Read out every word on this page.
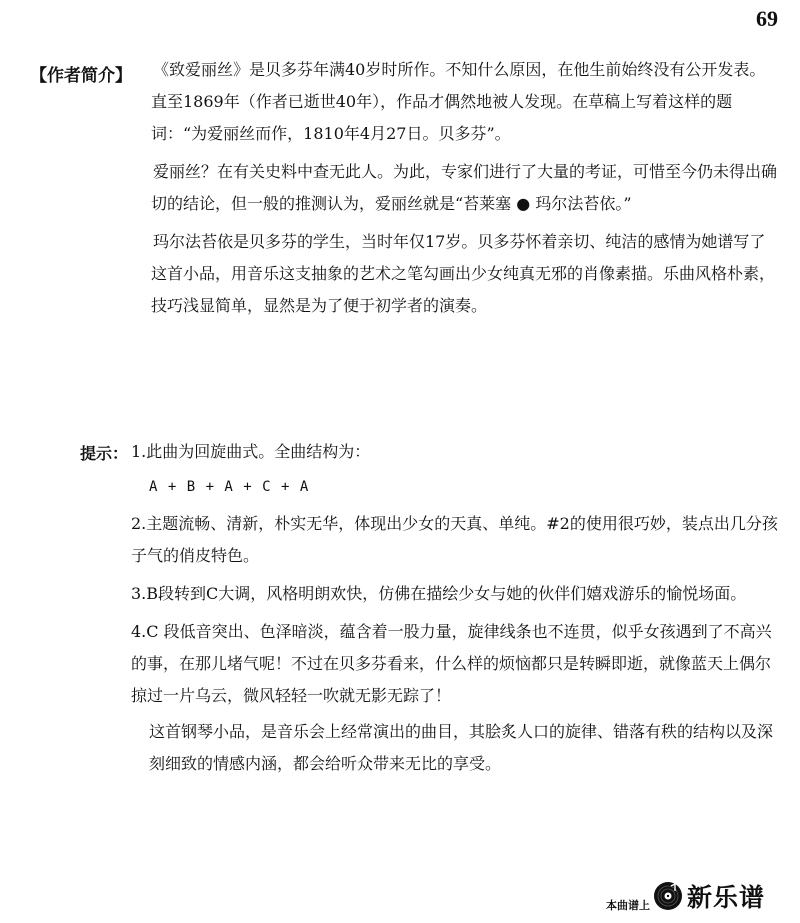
69
【作者简介】 《致爱丽丝》是贝多芬年满40岁时所作。不知什么原因，在他生前始终没有公开发表。直至1869年（作者已逝世40年），作品才偶然地被人发现。在草稿上写着这样的题词：“为爱丽丝而作，1810年4月27日。贝多芬”。

爱丽丝？在有关史料中查无此人。为此，专家们进行了大量的考证，可惜至今仍未得出确切的结论，但一般的推测认为，爱丽丝就是“苔莱塞 ● 玛尔法苔依。”

玛尔法苔依是贝多芬的学生，当时年仅17岁。贝多芬怀着亲切、纯洁的感情为她谱写了这首小品，用音乐这支抽象的艺术之笔勾画出少女纯真无邪的肖像素描。乐曲风格朴素，技巧浅显简单，显然是为了便于初学者的演奏。

提示： 1.此曲为回旋曲式。全曲结构为：

A + B + A + C + A

2.主题流畅、清新，朴实无华，体现出少女的天真、单纯。#2的使用很巧妙，装点出几分孩子气的俏皮特色。

3.B段转到C大调，风格明朗欢快，仿佛在描绘少女与她的伙伴们嬉戏游乐的愉悦场面。

4.C 段低音突出、色泽暗淡，蕴含着一股力量，旋律线条也不连贯，似乎女孩遇到了不高兴的事，在那儿堵气呢！不过在贝多芬看来，什么样的烦恼都只是转瞬即逝，就像蓝天上偶尔掠过一片乌云，微风轻轻一吹就无影无踪了！

这首钢琴小品，是音乐会上经常演出的曲目，其脍炙人口的旋律、错落有秩的结构以及深刻细致的情感内涵，都会给听众带来无比的享受。

本曲谱上 新乐谱
